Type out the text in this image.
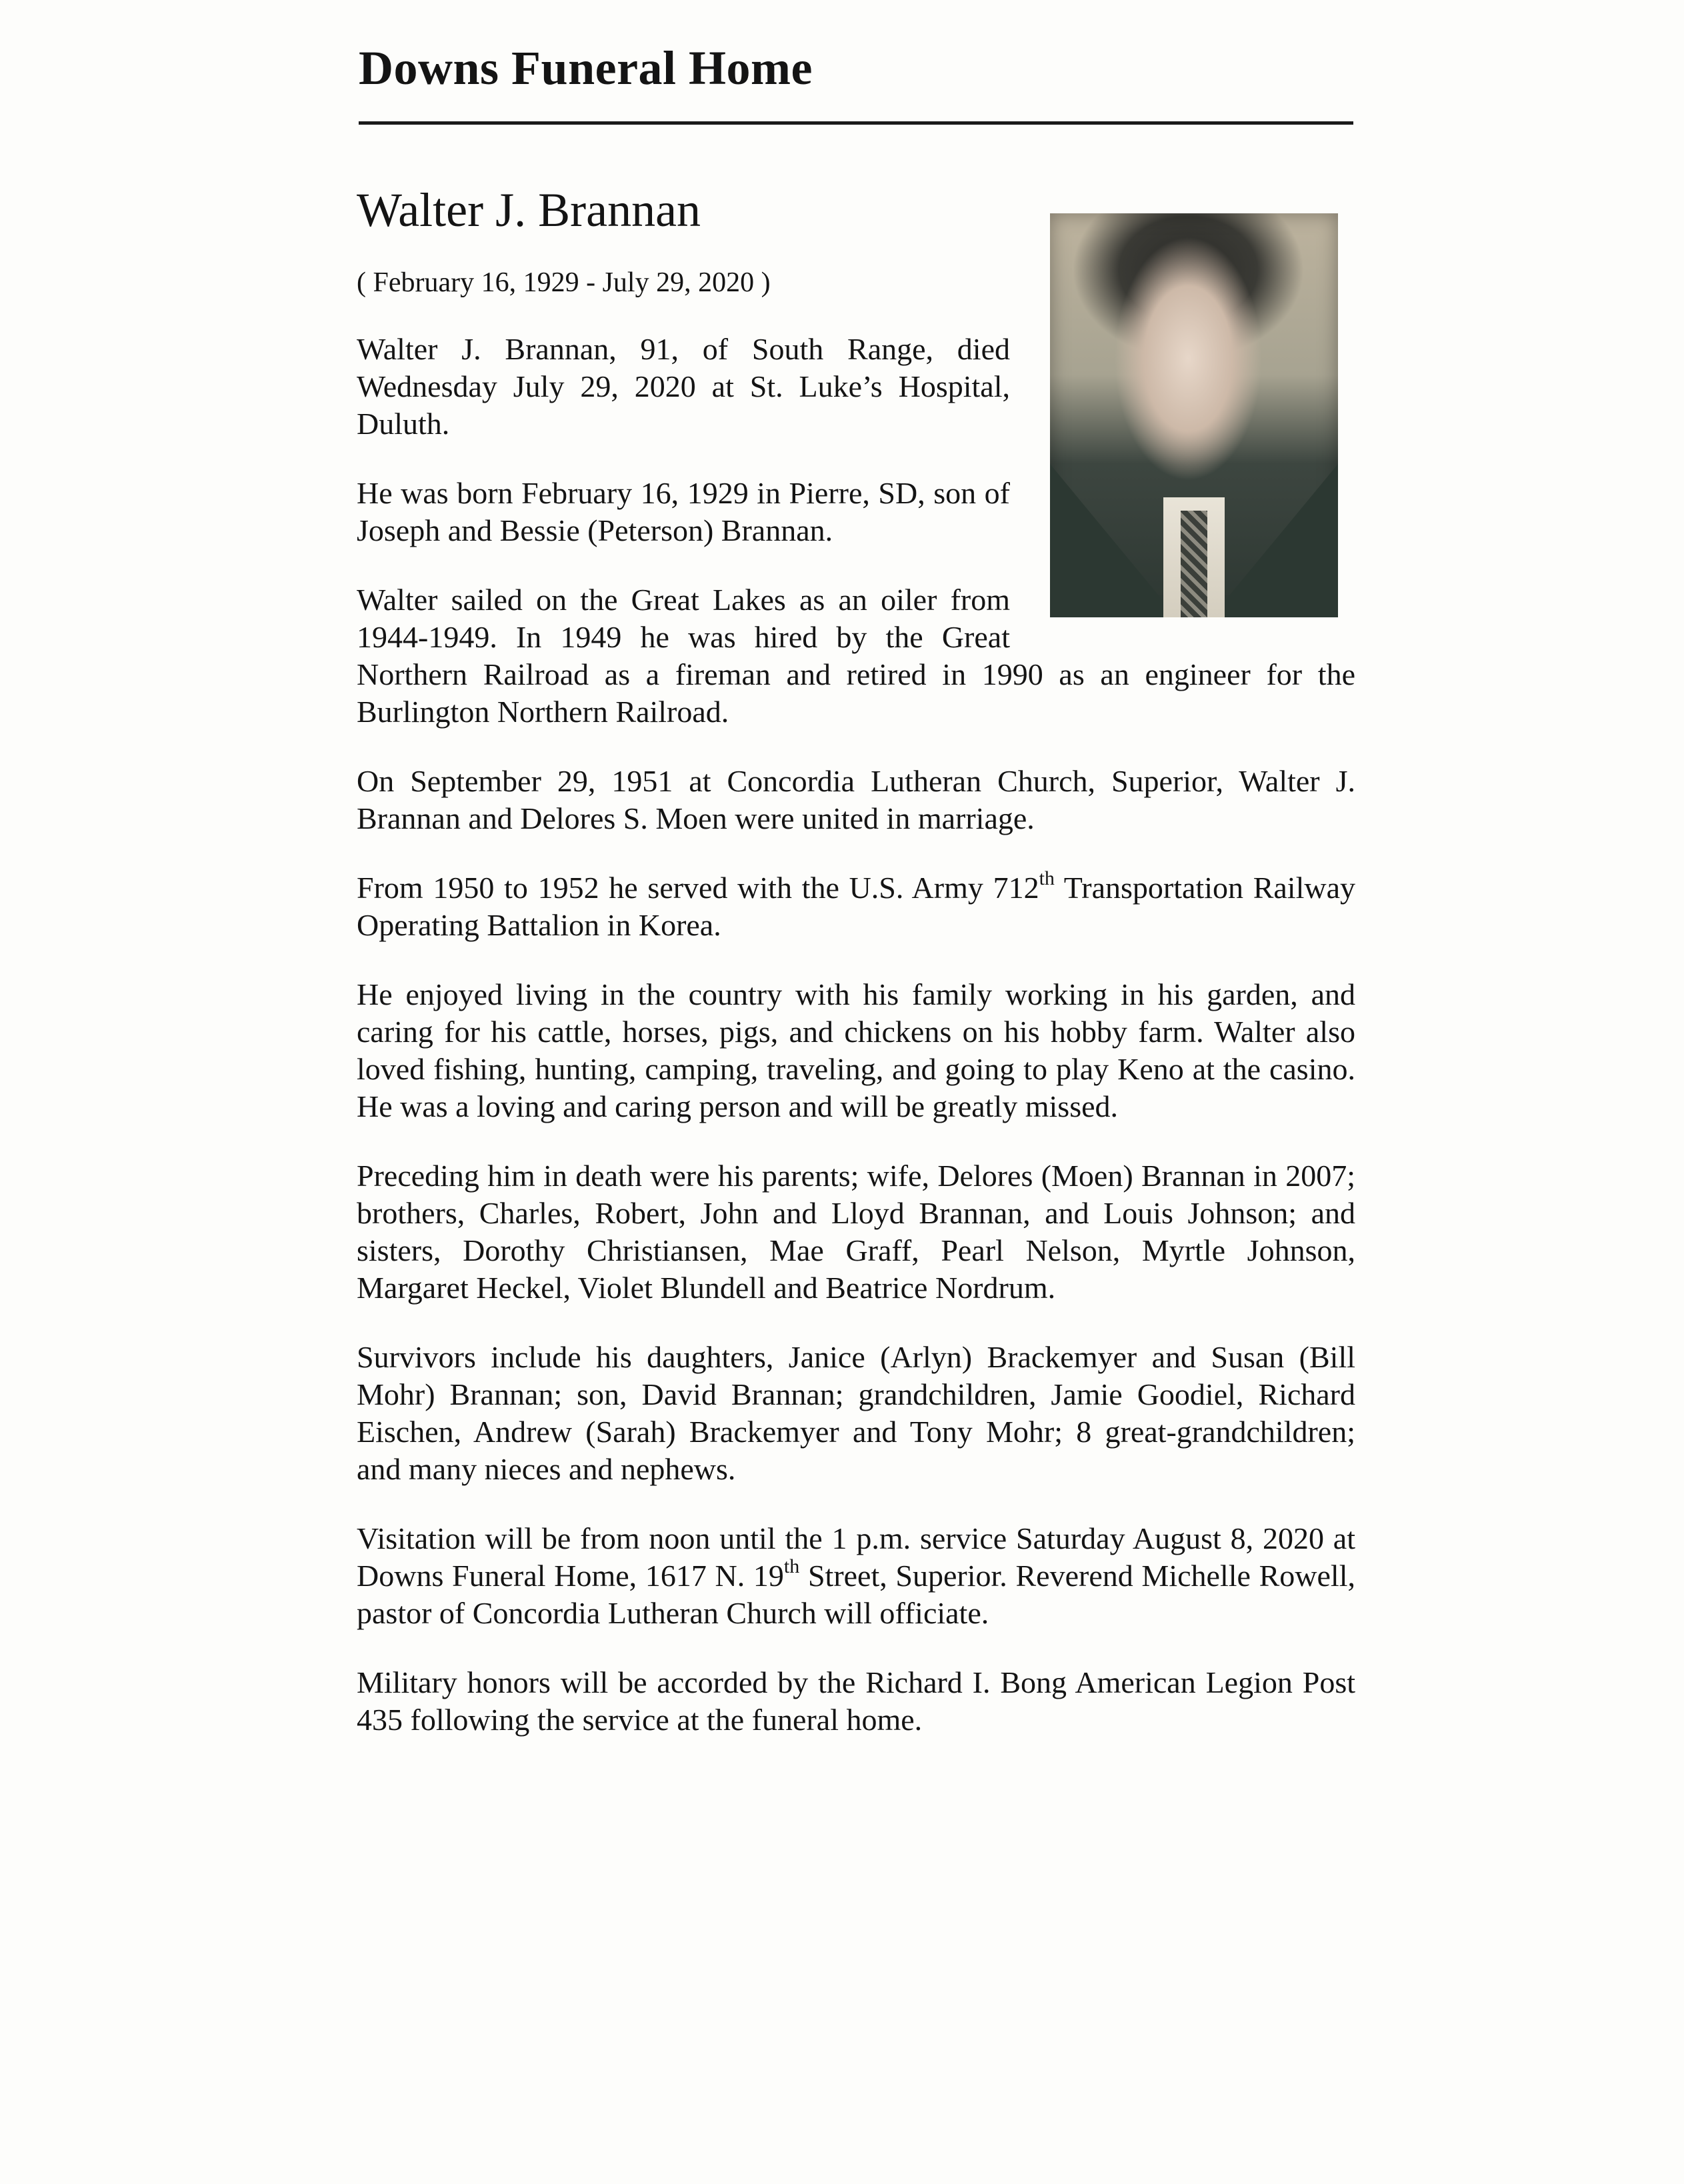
Downs Funeral Home
Walter J. Brannan
( February 16, 1929 - July 29, 2020 )

Walter J. Brannan, 91, of South Range, died Wednesday July 29, 2020 at St. Luke’s Hospital, Duluth.

He was born February 16, 1929 in Pierre, SD, son of Joseph and Bessie (Peterson) Brannan.

Walter sailed on the Great Lakes as an oiler from 1944-1949. In 1949 he was hired by the Great Northern Railroad as a fireman and retired in 1990 as an engineer for the Burlington Northern Railroad.

On September 29, 1951 at Concordia Lutheran Church, Superior, Walter J. Brannan and Delores S. Moen were united in marriage.

From 1950 to 1952 he served with the U.S. Army 712th Transportation Railway Operating Battalion in Korea.

He enjoyed living in the country with his family working in his garden, and caring for his cattle, horses, pigs, and chickens on his hobby farm. Walter also loved fishing, hunting, camping, traveling, and going to play Keno at the casino. He was a loving and caring person and will be greatly missed.

Preceding him in death were his parents; wife, Delores (Moen) Brannan in 2007; brothers, Charles, Robert, John and Lloyd Brannan, and Louis Johnson; and sisters, Dorothy Christiansen, Mae Graff, Pearl Nelson, Myrtle Johnson, Margaret Heckel, Violet Blundell and Beatrice Nordrum.

Survivors include his daughters, Janice (Arlyn) Brackemyer and Susan (Bill Mohr) Brannan; son, David Brannan; grandchildren, Jamie Goodiel, Richard Eischen, Andrew (Sarah) Brackemyer and Tony Mohr; 8 great-grandchildren; and many nieces and nephews.

Visitation will be from noon until the 1 p.m. service Saturday August 8, 2020 at Downs Funeral Home, 1617 N. 19th Street, Superior. Reverend Michelle Rowell, pastor of Concordia Lutheran Church will officiate.

Military honors will be accorded by the Richard I. Bong American Legion Post 435 following the service at the funeral home.
